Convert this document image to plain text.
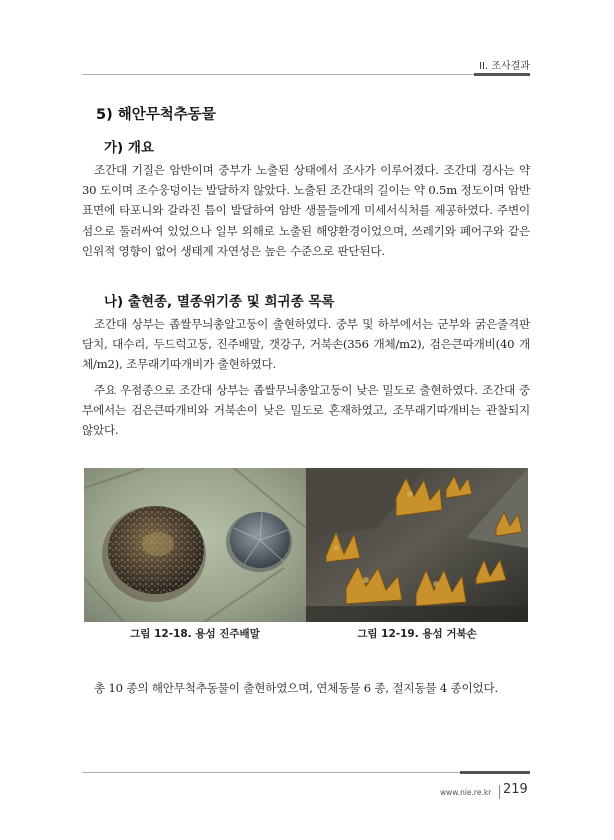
II. 조사결과
5) 해안무척추동물
가) 개요
조간대 기질은 암반이며 중부가 노출된 상태에서 조사가 이루어졌다. 조간대 경사는 약 30 도이며 조수웅덩이는 발달하지 않았다. 노출된 조간대의 길이는 약 0.5m 정도이며 암반 표면에 타포니와 갈라진 틈이 발달하여 암반 생물들에게 미세서식처를 제공하였다. 주변이 섬으로 둘러싸여 있었으나 일부 외해로 노출된 해양환경이었으며, 쓰레기와 폐어구와 같은 인위적 영향이 없어 생태계 자연성은 높은 수준으로 판단된다.
나) 출현종, 멸종위기종 및 희귀종 목록
조간대 상부는 좁쌀무늬총알고둥이 출현하였다. 중부 및 하부에서는 군부와 굵은줄격판담치, 대수리, 두드럭고둥, 진주배말, 갯강구, 거북손(356 개체/m2), 검은큰따개비(40 개체/m2), 조무래기따개비가 출현하였다.
주요 우점종으로 조간대 상부는 좁쌀무늬총알고둥이 낮은 밀도로 출현하였다. 조간대 중부에서는 검은큰따개비와 거북손이 낮은 밀도로 혼재하였고, 조무래기따개비는 관찰되지 않았다.
그림 12-18. 용섬 진주배말	그림 12-19. 용섬 거북손
총 10 종의 해안무척추동물이 출현하였으며, 연체동물 6 종, 절지동물 4 종이었다.
www.nie.re.kr 219
